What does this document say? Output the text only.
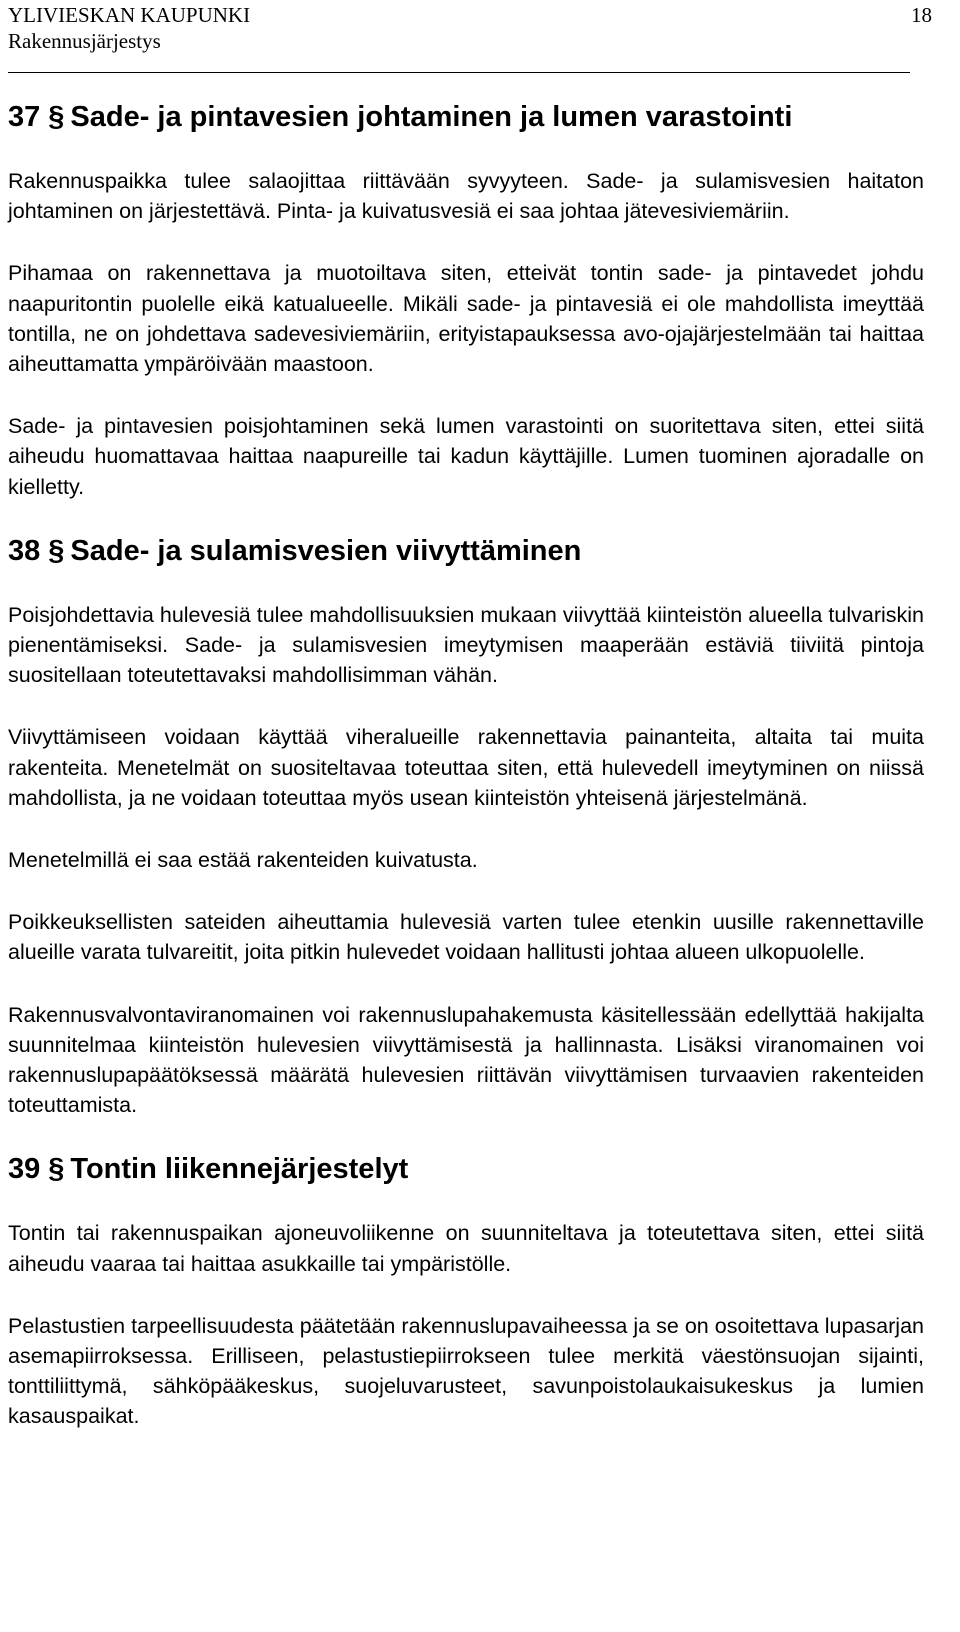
YLIVIESKAN KAUPUNKI	18
Rakennusjärjestys
37 § Sade- ja pintavesien johtaminen ja lumen varastointi

Rakennuspaikka tulee salaojittaa riittävään syvyyteen. Sade- ja sulamisvesien haitaton johtaminen on järjestettävä. Pinta- ja kuivatusvesiä ei saa johtaa jätevesiviemäriin.

Pihamaa on rakennettava ja muotoiltava siten, etteivät tontin sade- ja pintavedet johdu naapuritontin puolelle eikä katualueelle. Mikäli sade- ja pintavesiä ei ole mahdollista imeyttää tontilla, ne on johdettava sadevesiviemäriin, erityistapauksessa avo-ojajärjestelmään tai haittaa aiheuttamatta ympäröivään maastoon.

Sade- ja pintavesien poisjohtaminen sekä lumen varastointi on suoritettava siten, ettei siitä aiheudu huomattavaa haittaa naapureille tai kadun käyttäjille. Lumen tuominen ajoradalle on kielletty.

38 § Sade- ja sulamisvesien viivyttäminen

Poisjohdettavia hulevesiä tulee mahdollisuuksien mukaan viivyttää kiinteistön alueella tulvariskin pienentämiseksi. Sade- ja sulamisvesien imeytymisen maaperään estäviä tiiviitä pintoja suositellaan toteutettavaksi mahdollisimman vähän.

Viivyttämiseen voidaan käyttää viheralueille rakennettavia painanteita, altaita tai muita rakenteita. Menetelmät on suositeltavaa toteuttaa siten, että hulevedell imeytyminen on niissä mahdollista, ja ne voidaan toteuttaa myös usean kiinteistön yhteisenä järjestelmänä.

Menetelmillä ei saa estää rakenteiden kuivatusta.

Poikkeuksellisten sateiden aiheuttamia hulevesiä varten tulee etenkin uusille rakennettaville alueille varata tulvareitit, joita pitkin hulevedet voidaan hallitusti johtaa alueen ulkopuolelle.

Rakennusvalvontaviranomainen voi rakennuslupahakemusta käsitellessään edellyttää hakijalta suunnitelmaa kiinteistön hulevesien viivyttämisestä ja hallinnasta. Lisäksi viranomainen voi rakennuslupapäätöksessä määrätä hulevesien riittävän viivyttämisen turvaavien rakenteiden toteuttamista.

39 § Tontin liikennejärjestelyt

Tontin tai rakennuspaikan ajoneuvoliikenne on suunniteltava ja toteutettava siten, ettei siitä aiheudu vaaraa tai haittaa asukkaille tai ympäristölle.

Pelastustien tarpeellisuudesta päätetään rakennuslupavaiheessa ja se on osoitettava lupasarjan asemapiirroksessa. Erilliseen, pelastustiepiirrokseen tulee merkitä väestönsuojan sijainti, tonttiliittymä, sähköpääkeskus, suojeluvarusteet, savunpoistolaukaisukeskus ja lumien kasauspaikat.
